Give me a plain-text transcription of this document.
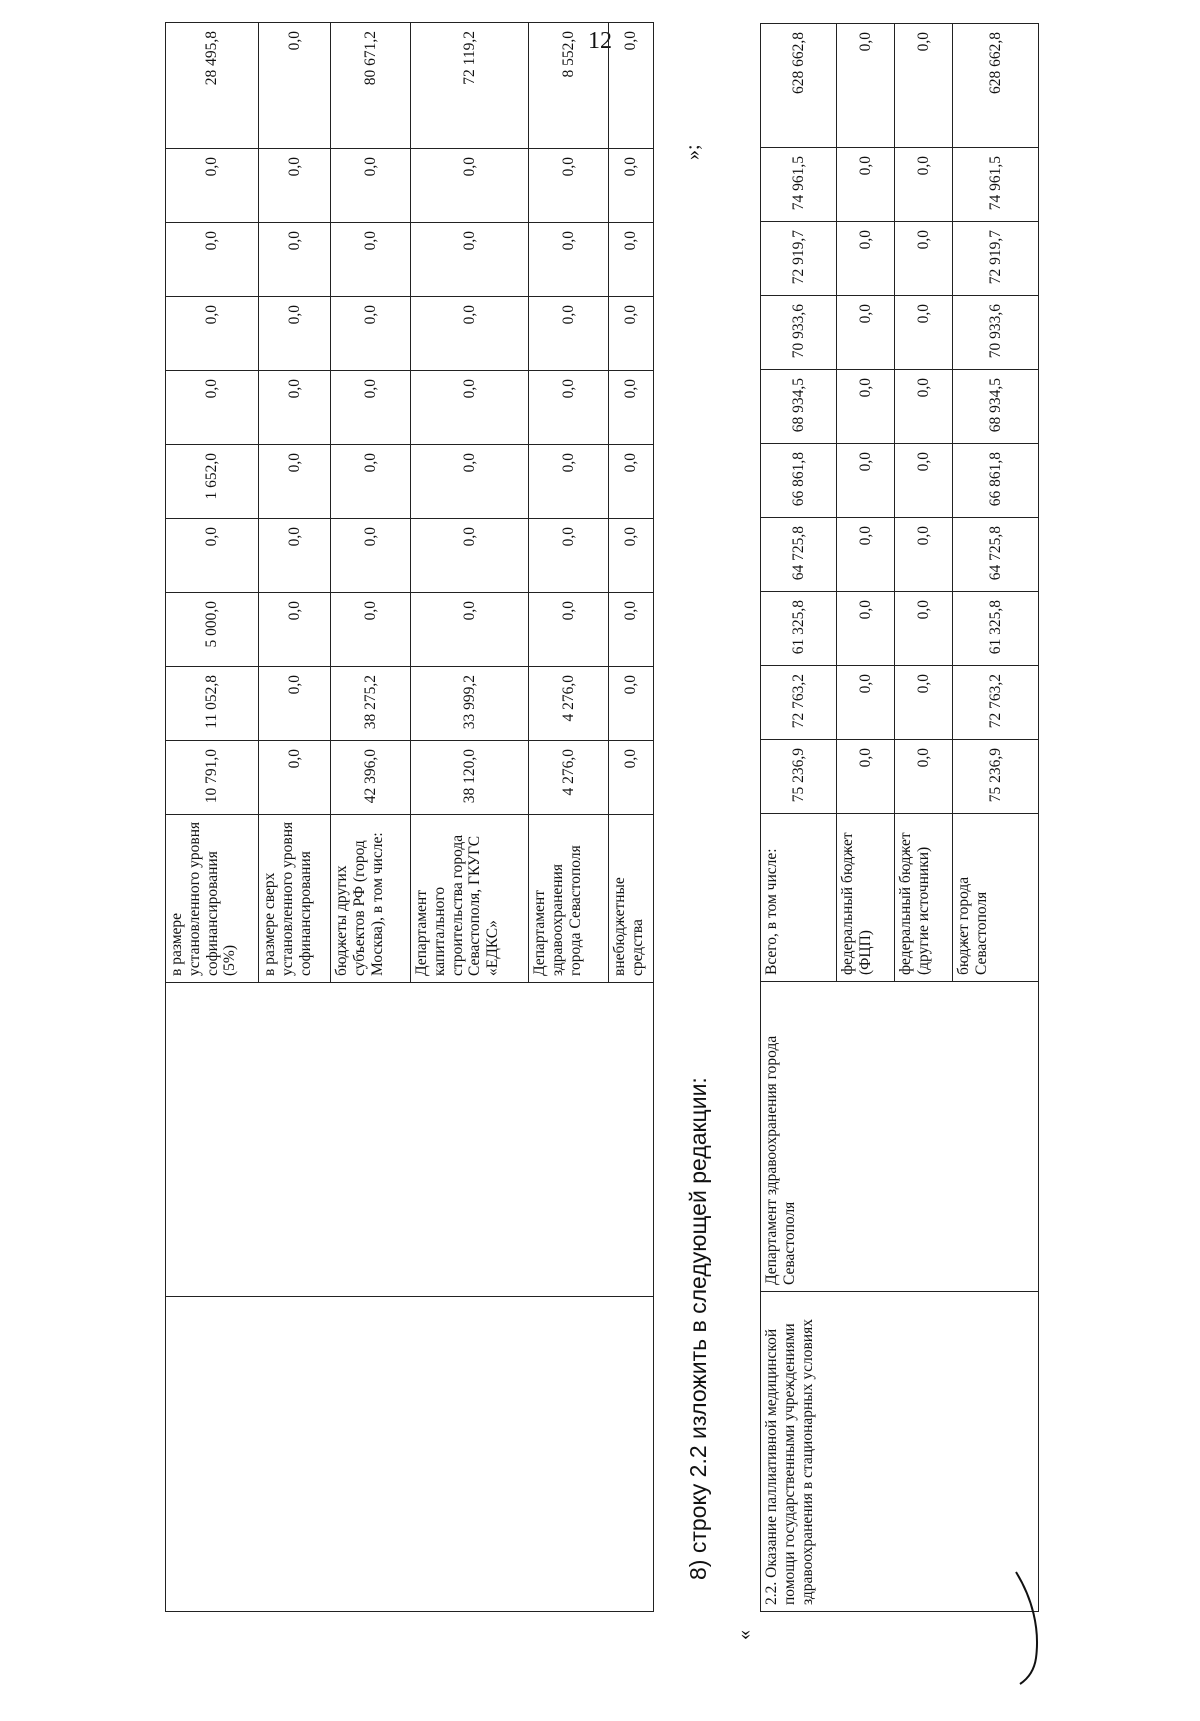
12
		в размере установленного уровня софинансирования (5%)	10 791,0	11 052,8	5 000,0	0,0	1 652,0	0,0	0,0	0,0	0,0	28 495,8
		в размере сверх установленного уровня софинансирования	0,0	0,0	0,0	0,0	0,0	0,0	0,0	0,0	0,0	0,0
		бюджеты других субъектов РФ (город Москва), в том числе:	42 396,0	38 275,2	0,0	0,0	0,0	0,0	0,0	0,0	0,0	80 671,2
		Департамент капитального строительства города Севастополя, ГКУГС «ЕДКС»	38 120,0	33 999,2	0,0	0,0	0,0	0,0	0,0	0,0	0,0	72 119,2
		Департамент здравоохранения города Севастополя	4 276,0	4 276,0	0,0	0,0	0,0	0,0	0,0	0,0	0,0	8 552,0
		внебюджетные средства	0,0	0,0	0,0	0,0	0,0	0,0	0,0	0,0	0,0	0,0
8) строку 2.2 изложить в следующей редакции:
»;
«
2.2. Оказание паллиативной медицинской помощи государственными учреждениями здравоохранения в стационарных условиях	Департамент здравоохранения города Севастополя	Всего, в том числе:	75 236,9	72 763,2	61 325,8	64 725,8	66 861,8	68 934,5	70 933,6	72 919,7	74 961,5	628 662,8
		федеральный бюджет (ФЦП)	0,0	0,0	0,0	0,0	0,0	0,0	0,0	0,0	0,0	0,0
		федеральный бюджет (другие источники)	0,0	0,0	0,0	0,0	0,0	0,0	0,0	0,0	0,0	0,0
		бюджет города Севастополя	75 236,9	72 763,2	61 325,8	64 725,8	66 861,8	68 934,5	70 933,6	72 919,7	74 961,5	628 662,8
